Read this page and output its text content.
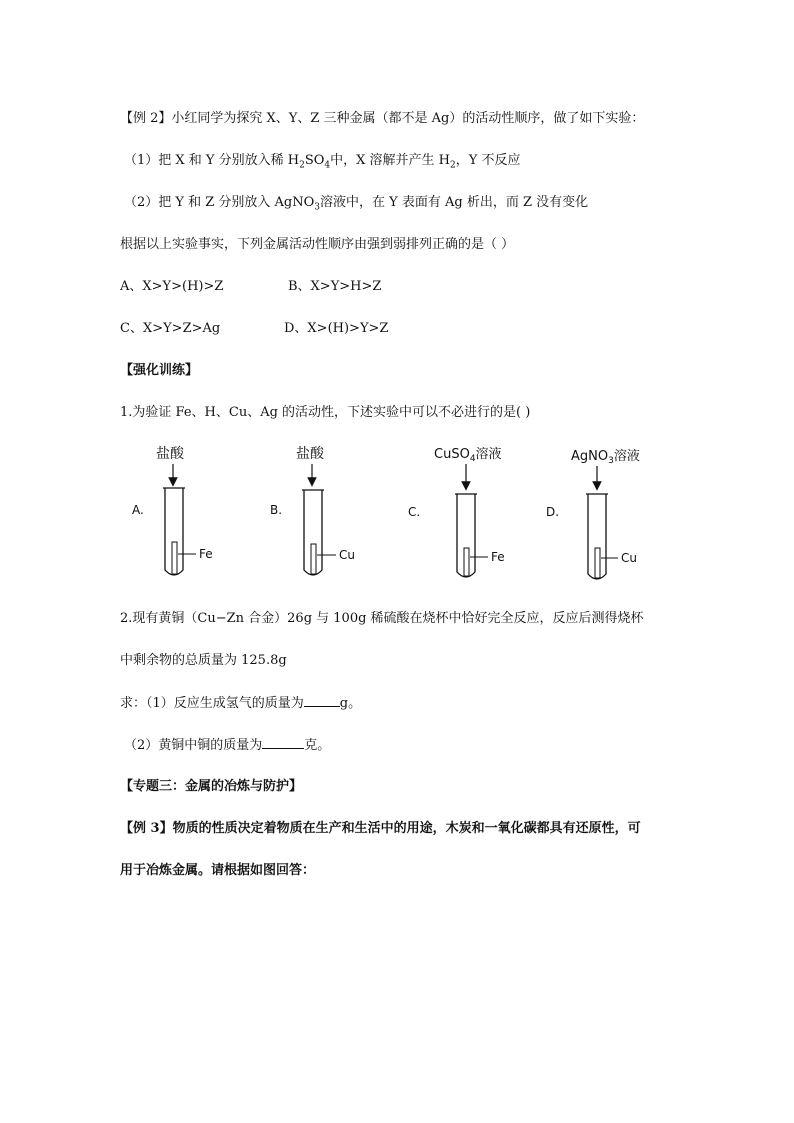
【例 2】小红同学为探究 X、Y、Z 三种金属（都不是 Ag）的活动性顺序，做了如下实验：
（1）把 X 和 Y 分别放入稀 $H_2SO_4$中，X 溶解并产生 $H_2$，Y 不反应
（2）把 Y 和 Z 分别放入 AgNO$_3$溶液中，在 Y 表面有 Ag 析出，而 Z 没有变化
根据以上实验事实，下列金属活动性顺序由强到弱排列正确的是（ ）
A、X>Y>(H)>Z	B、X>Y>H>Z
C、X>Y>Z>Ag	D、X>(H)>Y>Z
【强化训练】
1.为验证 Fe、H、Cu、Ag 的活动性，下述实验中可以不必进行的是( )
盐酸
A.
Fe
盐酸
B.
Cu
CuSO$_4$溶液
C.
Fe
AgNO$_3$溶液
D.
Cu
2.现有黄铜（Cu−Zn 合金）26g 与 100g 稀硫酸在烧杯中恰好完全反应，反应后测得烧杯
中剩余物的总质量为 125.8g
求：（1）反应生成氢气的质量为	g。
（2）黄铜中铜的质量为	克。
【专题三：金属的冶炼与防护】
【例 3】物质的性质决定着物质在生产和生活中的用途，木炭和一氧化碳都具有还原性，可
用于冶炼金属。请根据如图回答：
